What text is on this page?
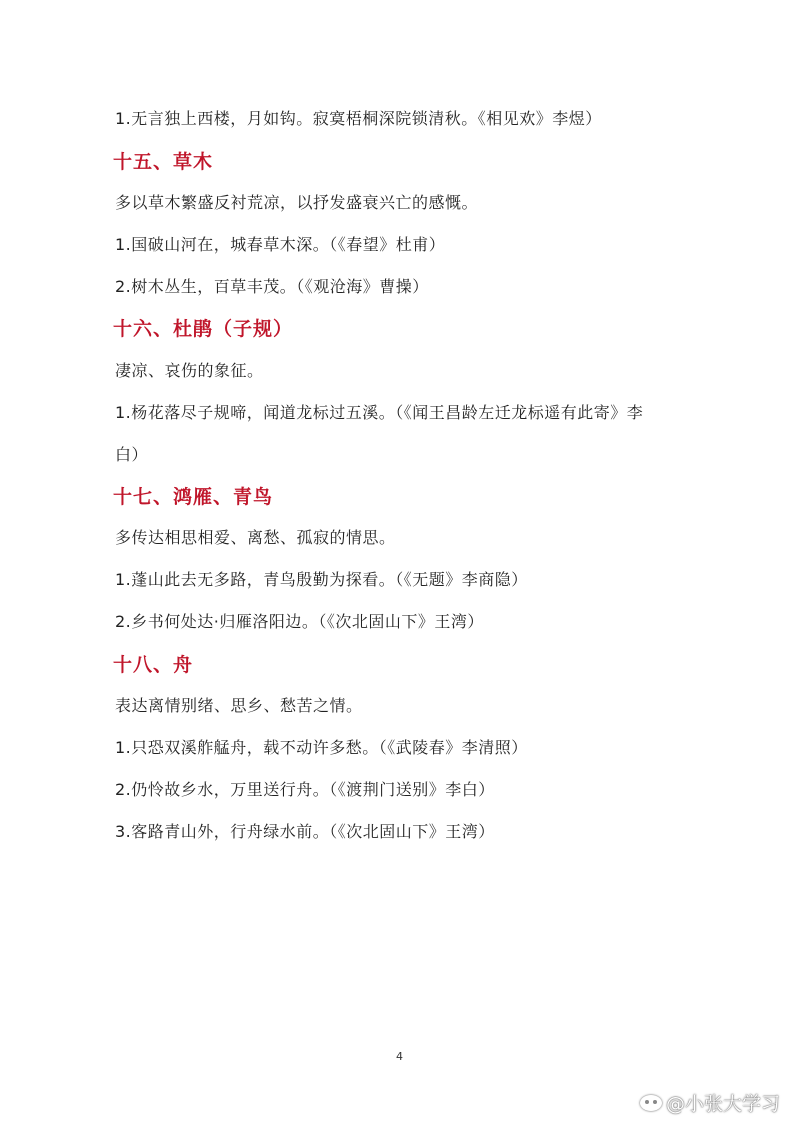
1.无言独上西楼，月如钩。寂寞梧桐深院锁清秋。《相见欢》李煜）
十五、草木
多以草木繁盛反衬荒凉，以抒发盛衰兴亡的感慨。
1.国破山河在，城春草木深。（《春望》杜甫）
2.树木丛生，百草丰茂。（《观沧海》曹操）
十六、杜鹃（子规）
凄凉、哀伤的象征。
1.杨花落尽子规啼，闻道龙标过五溪。（《闻王昌龄左迁龙标遥有此寄》李
白）
十七、鸿雁、青鸟
多传达相思相爱、离愁、孤寂的情思。
1.蓬山此去无多路，青鸟殷勤为探看。（《无题》李商隐）
2.乡书何处达·归雁洛阳边。（《次北固山下》王湾）
十八、舟
表达离情别绪、思乡、愁苦之情。
1.只恐双溪舴艋舟，载不动许多愁。（《武陵春》李清照）
2.仍怜故乡水，万里送行舟。（《渡荆门送别》李白）
3.客路青山外，行舟绿水前。（《次北固山下》王湾）
4
@小张大学习
